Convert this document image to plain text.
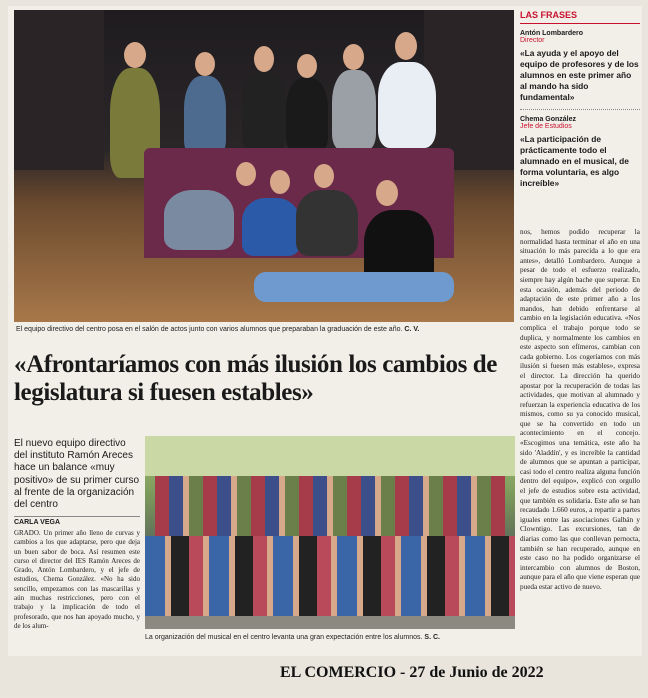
El equipo directivo del centro posa en el salón de actos junto con varios alumnos que preparaban la graduación de este año. C. V.
LAS FRASES
Antón Lombardero
Director
«La ayuda y el apoyo del equipo de profesores y de los alumnos en este primer año al mando ha sido fundamental»
Chema González
Jefe de Estudios
«La participación de prácticamente todo el alumnado en el musical, de forma voluntaria, es algo increíble»
nos, hemos podido recuperar la normalidad hasta terminar el año en una situación lo más parecida a lo que era antes», detalló Lombardero. Aunque a pesar de todo el esfuerzo realizado, siempre hay algún bache que superar. En esta ocasión, además del periodo de adaptación de este primer año a los mandos, han debido enfrentarse al cambio en la legislación educativa. «Nos complica el trabajo porque todo se duplica, y normalmente los cambios en este aspecto son efímeros, cambian con cada gobierno. Los cogeríamos con más ilusión si fuesen más estables», expresa el director. La dirección ha querido apostar por la recuperación de todas las actividades, que motivan al alumnado y refuerzan la experiencia educativa de los mismos, como su ya conocido musical, que se ha convertido en todo un acontecimiento en el concejo. «Escogimos una temática, este año ha sido 'Aladdín', y es increíble la cantidad de alumnos que se apuntan a participar, casi todo el centro realiza alguna función dentro del equipo», explicó con orgullo el jefe de estudios sobre esta actividad, que también es solidaria. Este año se han recaudado 1.660 euros, a repartir a partes iguales entre las asociaciones Galbán y Clowntigo. Las excursiones, tan de diarias como las que conllevan pernocta, también se han recuperado, aunque en este caso no ha podido organizarse el intercambio con alumnos de Boston, aunque para el año que viene esperan que pueda estar activo de nuevo.
«Afrontaríamos con más ilusión los cambios de legislatura si fuesen estables»
El nuevo equipo directivo del instituto Ramón Areces hace un balance «muy positivo» de su primer curso al frente de la organización del centro
CARLA VEGA
GRADO. Un primer año lleno de curvas y cambios a los que adaptarse, pero que deja un buen sabor de boca. Así resumen este curso el director del IES Ramón Areces de Grado, Antón Lombardero, y el jefe de estudios, Chema González. «No ha sido sencillo, empezamos con las mascarillas y aún muchas restricciones, pero con el trabajo y la implicación de todo el profesorado, que nos han apoyado mucho, y de los alum-
La organización del musical en el centro levanta una gran expectación entre los alumnos. S. C.
EL COMERCIO - 27 de Junio de 2022
